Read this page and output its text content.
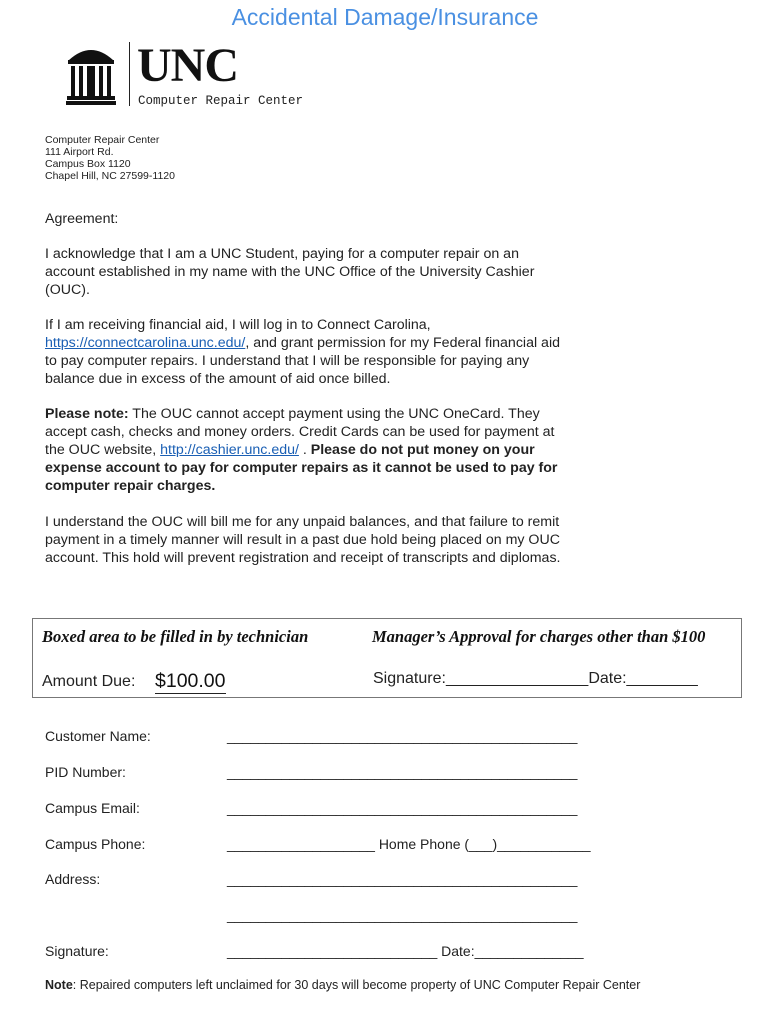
Accidental Damage/Insurance
UNC
Computer Repair Center
Computer Repair Center
111 Airport Rd.
Campus Box 1120
Chapel Hill, NC 27599-1120
Agreement:

I acknowledge that I am a UNC Student, paying for a computer repair on an account established in my name with the UNC Office of the University Cashier (OUC).

If I am receiving financial aid, I will log in to Connect Carolina,
https://connectcarolina.unc.edu/, and grant permission for my Federal financial aid to pay computer repairs. I understand that I will be responsible for paying any balance due in excess of the amount of aid once billed.

Please note: The OUC cannot accept payment using the UNC OneCard. They accept cash, checks and money orders. Credit Cards can be used for payment at the OUC website, http://cashier.unc.edu/ . Please do not put money on your expense account to pay for computer repairs as it cannot be used to pay for computer repair charges.

I understand the OUC will bill me for any unpaid balances, and that failure to remit payment in a timely manner will result in a past due hold being placed on my OUC account. This hold will prevent registration and receipt of transcripts and diplomas.

Boxed area to be filled in by technician	Manager’s Approval for charges other than $100
Amount Due: $100.00	Signature:________________Date:________
Customer Name:	_____________________________________________
PID Number:	_____________________________________________
Campus Email:	_____________________________________________
Campus Phone:	___________________ Home Phone (___)____________
Address:	_____________________________________________
_____________________________________________
Signature:	___________________________ Date:______________
Note: Repaired computers left unclaimed for 30 days will become property of UNC Computer Repair Center
